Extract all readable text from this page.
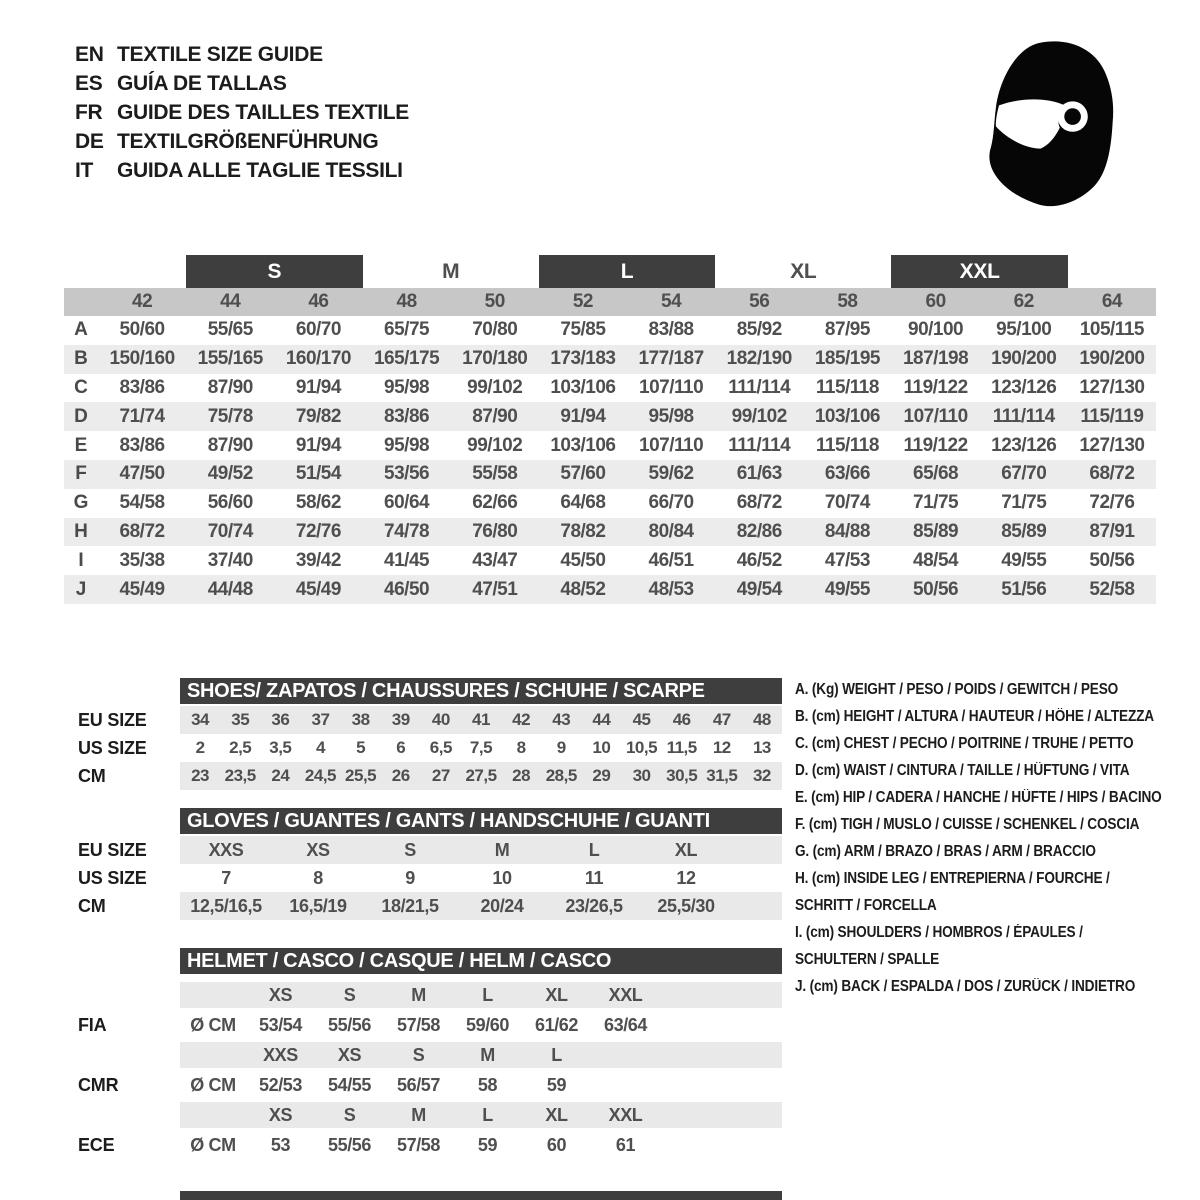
EN TEXTILE SIZE GUIDE
ES GUÍA DE TALLAS
FR GUIDE DES TAILLES TEXTILE
DE TEXTILGRÖßENFÜHRUNG
IT	GUIDA ALLE TAGLIE TESSILI
S	M	L	XL	XXL
42	44	46	48	50	52	54	56	58	60	62	64
A	50/60	55/65	60/70	65/75	70/80	75/85	83/88	85/92	87/95	90/100	95/100	105/115
B	150/160	155/165	160/170	165/175	170/180	173/183	177/187	182/190	185/195	187/198	190/200	190/200
C	83/86	87/90	91/94	95/98	99/102	103/106	107/110	111/114	115/118	119/122	123/126	127/130
D	71/74	75/78	79/82	83/86	87/90	91/94	95/98	99/102	103/106	107/110	111/114	115/119
E	83/86	87/90	91/94	95/98	99/102	103/106	107/110	111/114	115/118	119/122	123/126	127/130
F	47/50	49/52	51/54	53/56	55/58	57/60	59/62	61/63	63/66	65/68	67/70	68/72
G	54/58	56/60	58/62	60/64	62/66	64/68	66/70	68/72	70/74	71/75	71/75	72/76
H	68/72	70/74	72/76	74/78	76/80	78/82	80/84	82/86	84/88	85/89	85/89	87/91
I	35/38	37/40	39/42	41/45	43/47	45/50	46/51	46/52	47/53	48/54	49/55	50/56
J	45/49	44/48	45/49	46/50	47/51	48/52	48/53	49/54	49/55	50/56	51/56	52/58
SHOES/ ZAPATOS / CHAUSSURES / SCHUHE / SCARPE
EU SIZE	34	35	36	37	38	39	40	41	42	43	44	45	46	47	48
US SIZE	2	2,5	3,5	4	5	6	6,5	7,5	8	9	10 10,5 11,5 12	13
CM	23 23,5 24 24,5 25,5 26	27 27,5 28 28,5 29	30 30,5 31,5 32
GLOVES / GUANTES / GANTS / HANDSCHUHE / GUANTI
EU SIZE	XXS	XS	S	M	L	XL
US SIZE	7	8	9	10	11	12
CM	12,5/16,5	16,5/19	18/21,5	20/24	23/26,5	25,5/30
HELMET / CASCO / CASQUE / HELM / CASCO
XS	S	M	L	XL	XXL
FIA	Ø CM	53/54	55/56	57/58	59/60	61/62	63/64
XXS	XS	S	M	L
CMR	Ø CM	52/53	54/55	56/57	58	59
XS	S	M	L	XL	XXL
ECE	Ø CM	53	55/56	57/58	59	60	61
A. (Kg) WEIGHT / PESO / POIDS / GEWITCH / PESO
B. (cm) HEIGHT / ALTURA / HAUTEUR / HÖHE / ALTEZZA
C. (cm) CHEST / PECHO / POITRINE / TRUHE / PETTO
D. (cm) WAIST / CINTURA / TAILLE / HÜFTUNG / VITA
E. (cm) HIP / CADERA / HANCHE / HÜFTE / HIPS / BACINO
F. (cm) TIGH / MUSLO / CUISSE / SCHENKEL / COSCIA
G. (cm) ARM / BRAZO / BRAS / ARM / BRACCIO
H. (cm) INSIDE LEG / ENTREPIERNA / FOURCHE /
SCHRITT / FORCELLA
I. (cm) SHOULDERS / HOMBROS / ÉPAULES /
SCHULTERN / SPALLE
J. (cm) BACK / ESPALDA / DOS / ZURÜCK / INDIETRO
